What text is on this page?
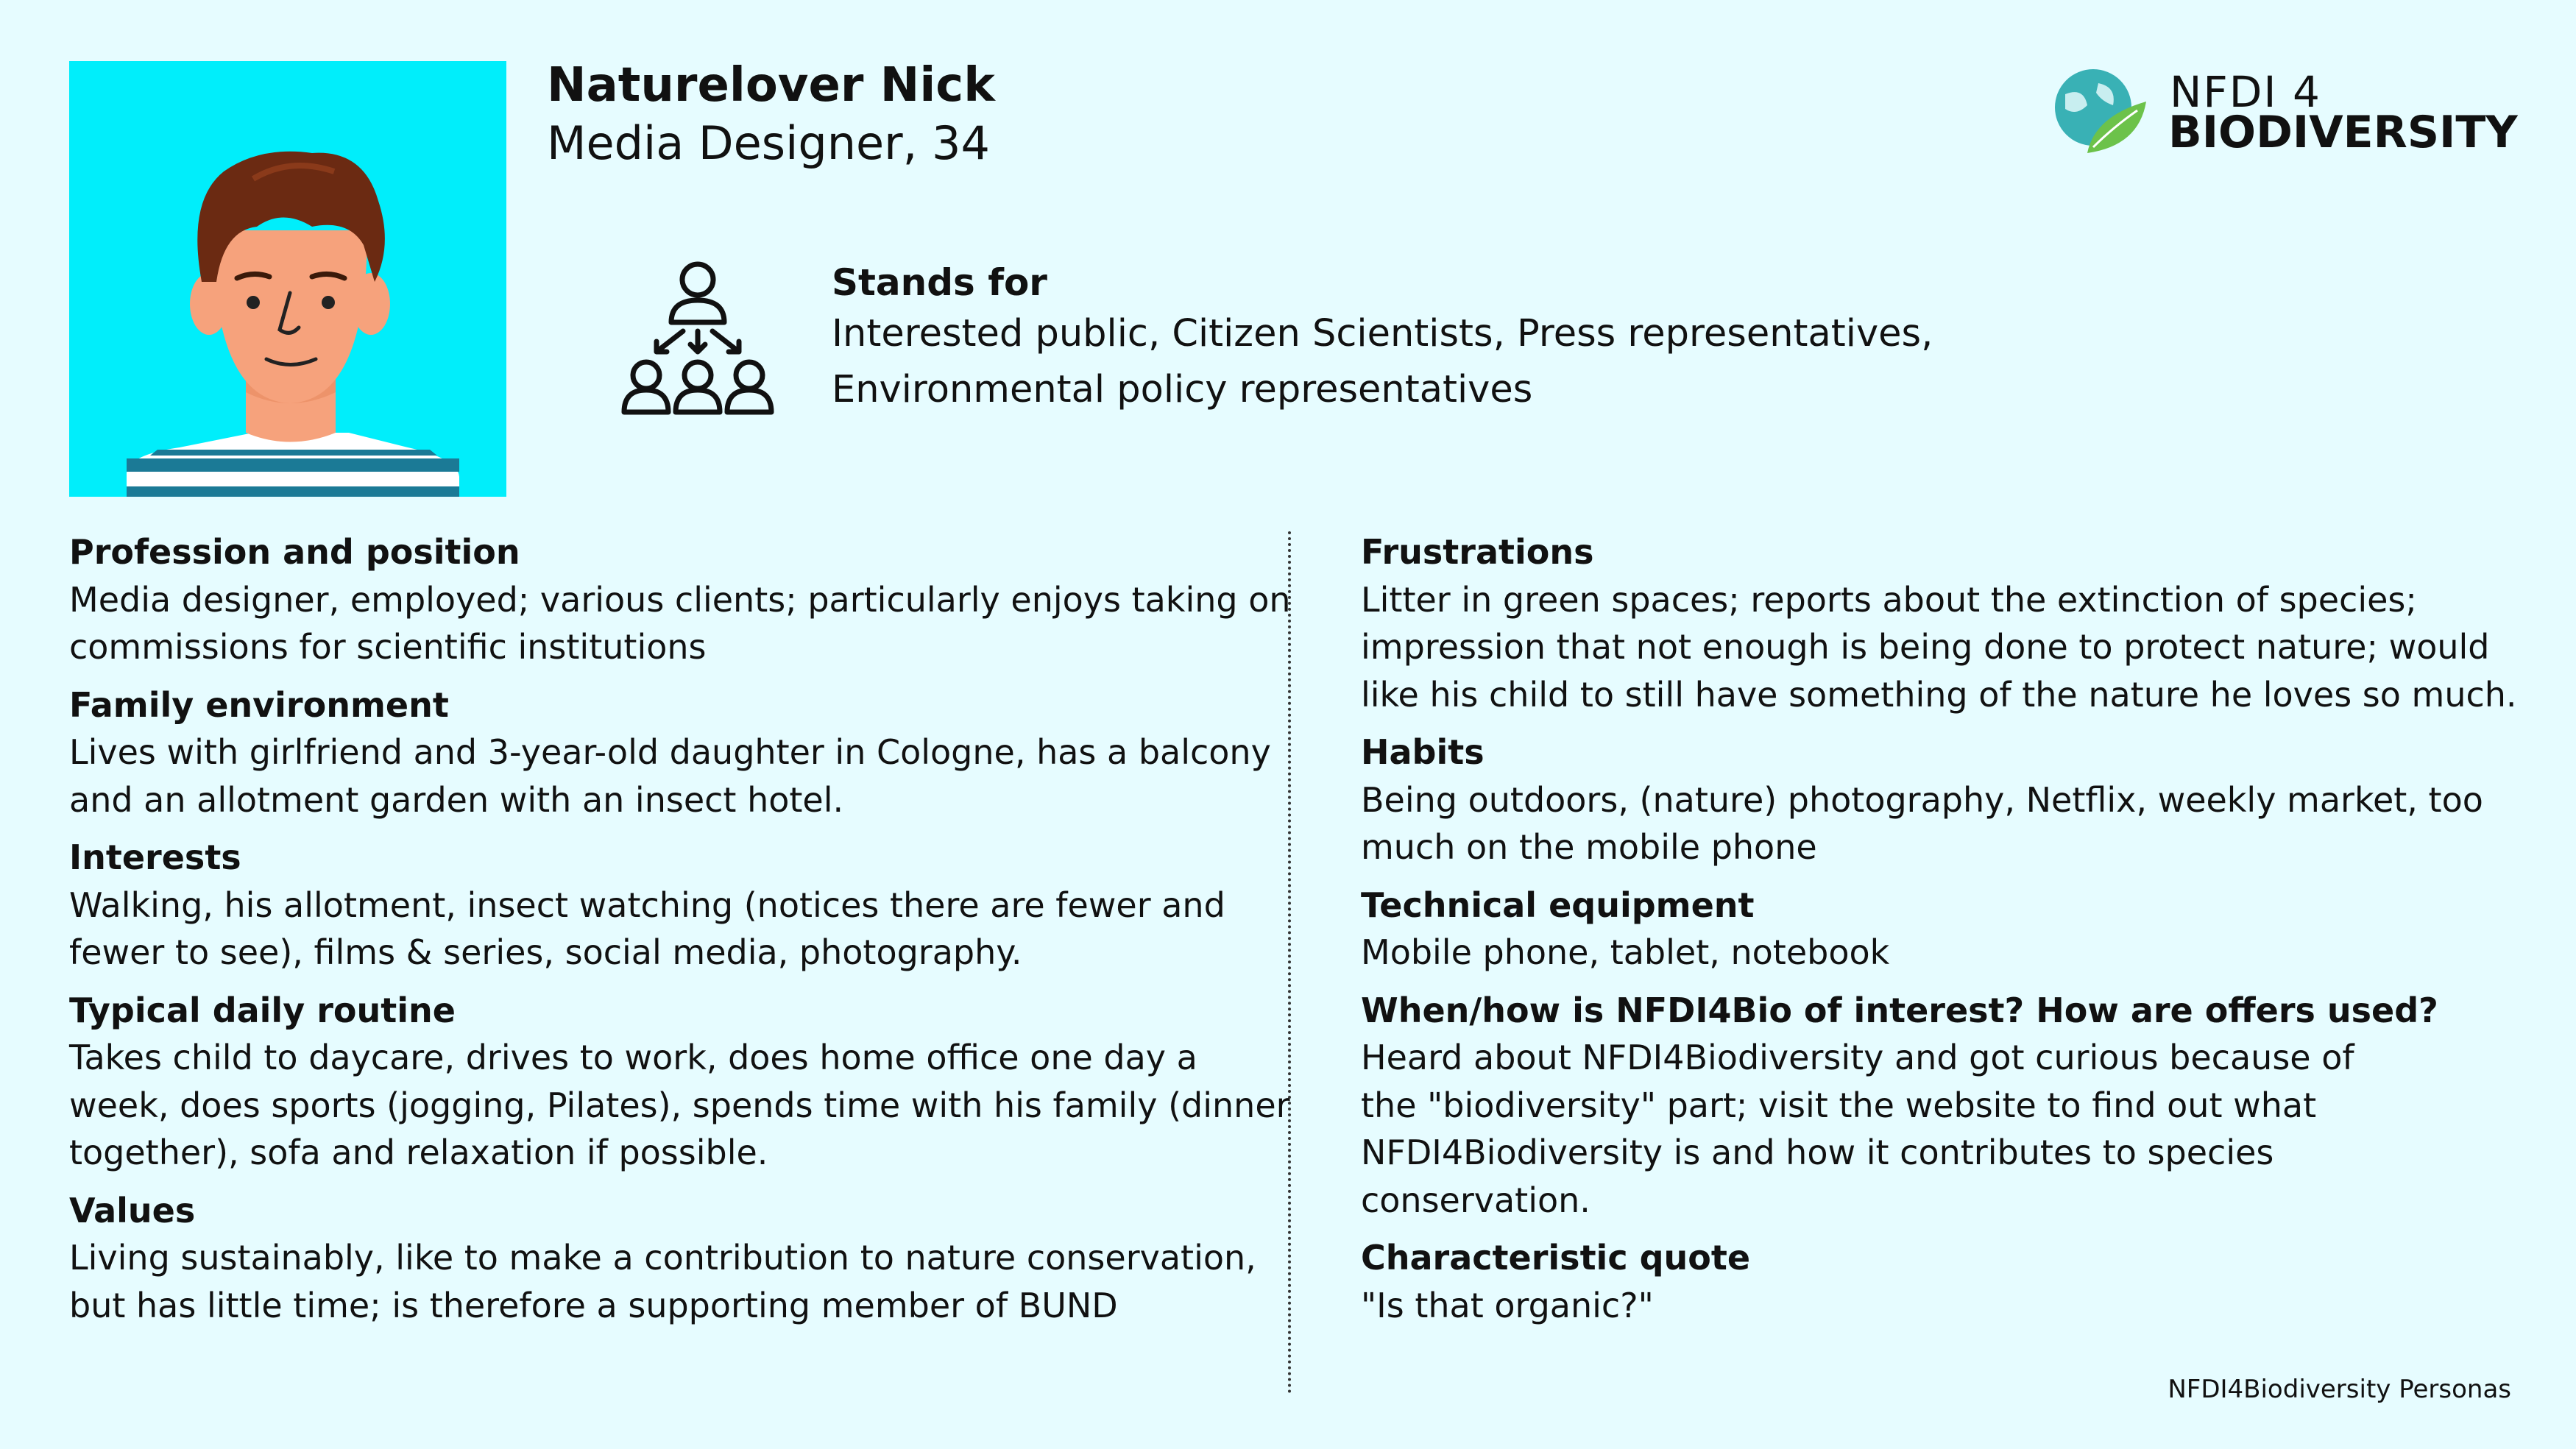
Naturelover Nick
Media Designer, 34
NFDI 4
BIODIVERSITY
Stands for
Interested public, Citizen Scientists, Press representatives, Environmental policy representatives
Profession and position
Media designer, employed; various clients; particularly enjoys taking on commissions for scientific institutions
Family environment
Lives with girlfriend and 3-year-old daughter in Cologne, has a balcony and an allotment garden with an insect hotel.
Interests
Walking, his allotment, insect watching (notices there are fewer and fewer to see), films & series, social media, photography.
Typical daily routine
Takes child to daycare, drives to work, does home office one day a week, does sports (jogging, Pilates), spends time with his family (dinner together), sofa and relaxation if possible.
Values
Living sustainably, like to make a contribution to nature conservation, but has little time; is therefore a supporting member of BUND
Frustrations
Litter in green spaces; reports about the extinction of species; impression that not enough is being done to protect nature; would like his child to still have something of the nature he loves so much.
Habits
Being outdoors, (nature) photography, Netflix, weekly market, too much on the mobile phone
Technical equipment
Mobile phone, tablet, notebook
When/how is NFDI4Bio of interest? How are offers used?
Heard about NFDI4Biodiversity and got curious because of the "biodiversity" part; visit the website to find out what NFDI4Biodiversity is and how it contributes to species conservation.
Characteristic quote
"Is that organic?"
NFDI4Biodiversity Personas
